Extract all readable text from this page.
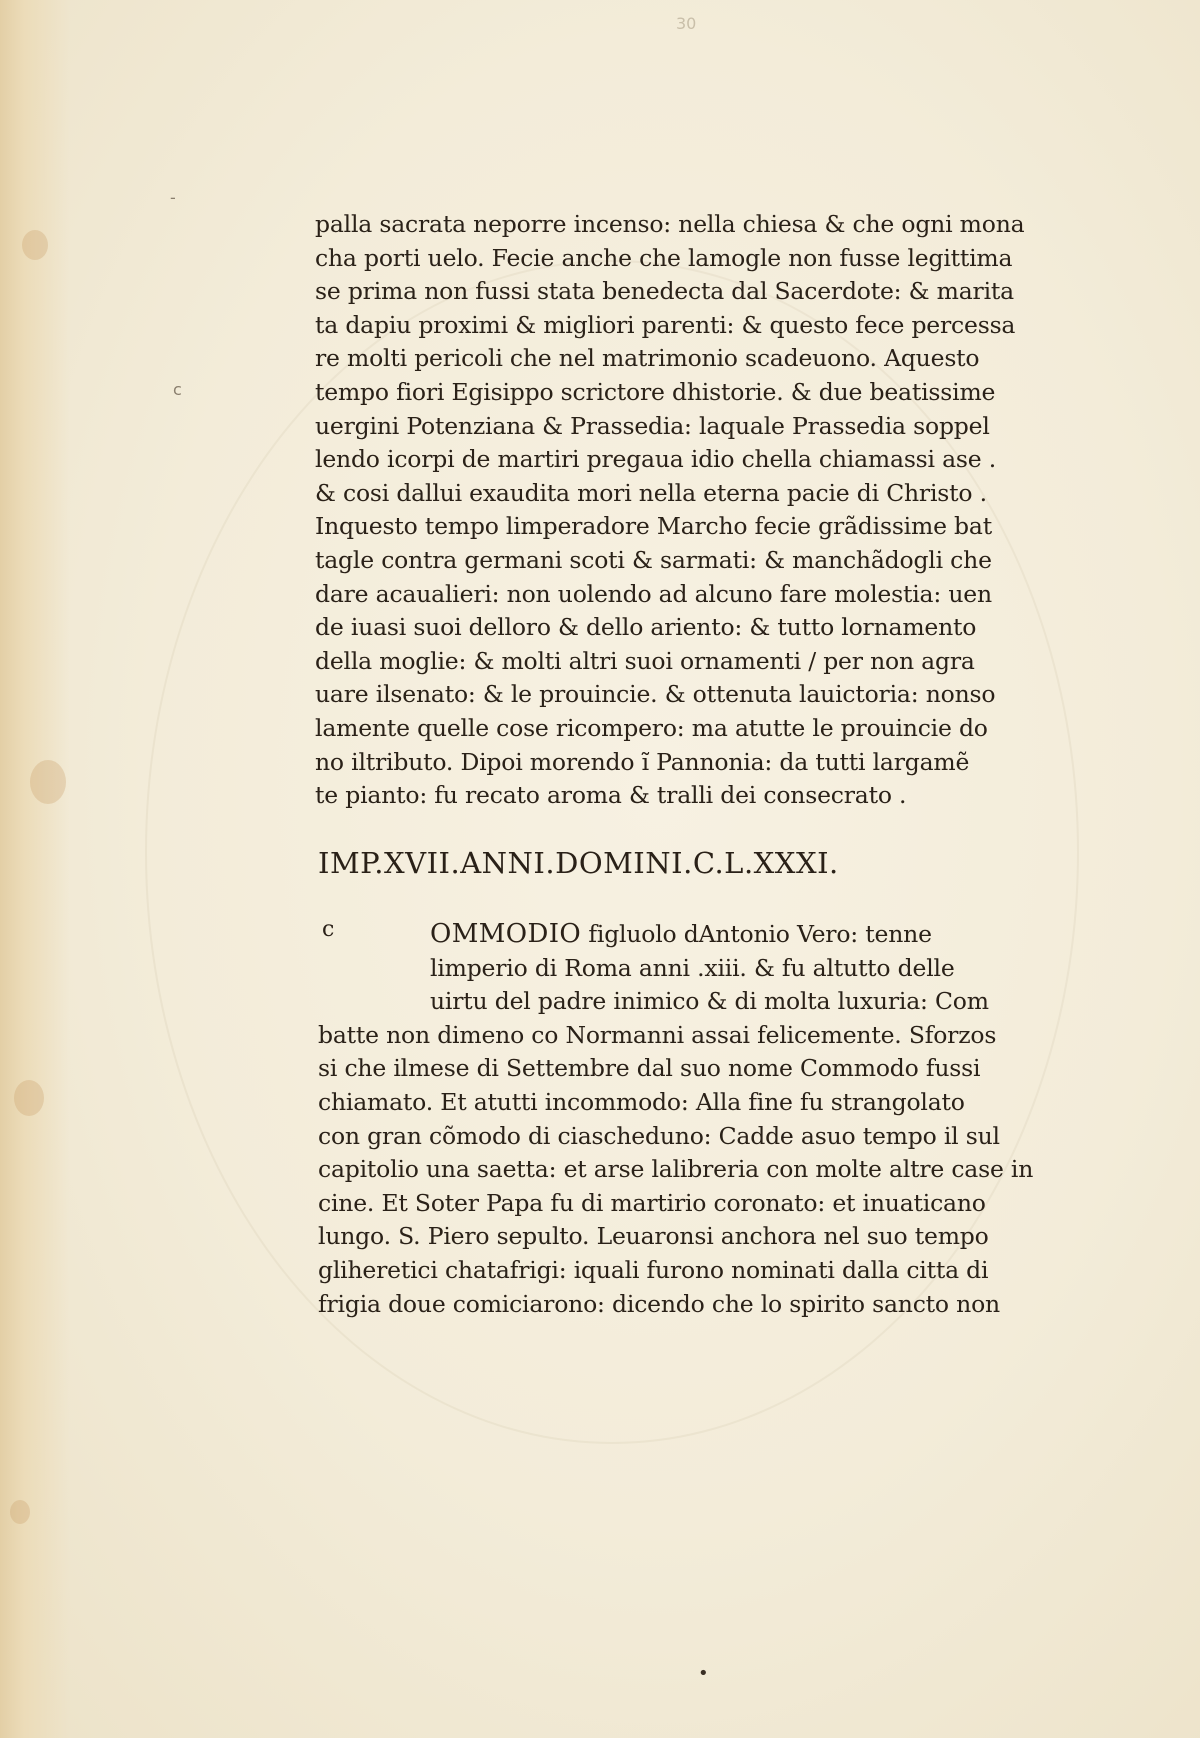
30
c
-
palla sacrata neporre incenso: nella chiesa & che ogni mona
cha porti uelo. Fecie anche che lamogle non fusse legittima
se prima non fussi stata benedecta dal Sacerdote: & marita
ta dapiu proximi & migliori parenti: & questo fece percessa
re molti pericoli che nel matrimonio scadeuono. Aquesto
tempo fiori Egisippo scrictore dhistorie. & due beatissime
uergini Potenziana & Prassedia: laquale Prassedia soppel
lendo icorpi de martiri pregaua idio chella chiamassi ase .
& cosi dallui exaudita mori nella eterna pacie di Christo .
Inquesto tempo limperadore Marcho fecie grãdissime bat
tagle contra germani scoti & sarmati: & manchãdogli che
dare acaualieri: non uolendo ad alcuno fare molestia: uen
de iuasi suoi delloro & dello ariento: & tutto lornamento
della moglie: & molti altri suoi ornamenti / per non agra
uare ilsenato: & le prouincie. & ottenuta lauictoria: nonso
lamente quelle cose ricompero: ma atutte le prouincie do
no iltributo. Dipoi morendo ĩ Pannonia: da tutti largamẽ
te pianto: fu recato aroma & tralli dei consecrato .
IMP.XVII.ANNI.DOMINI.C.L.XXXI.
c	OMMODIO figluolo dAntonio Vero: tenne
limperio di Roma anni .xiii. & fu altutto delle
uirtu del padre inimico & di molta luxuria: Com
batte non dimeno co Normanni assai felicemente. Sforzos
si che ilmese di Settembre dal suo nome Commodo fussi
chiamato. Et atutti incommodo: Alla fine fu strangolato
con gran cõmodo di ciascheduno: Cadde asuo tempo il sul
capitolio una saetta: et arse lalibreria con molte altre case in
cine. Et Soter Papa fu di martirio coronato: et inuaticano
lungo. S. Piero sepulto. Leuaronsi anchora nel suo tempo
gliheretici chatafrigi: iquali furono nominati dalla citta di
frigia doue comiciarono: dicendo che lo spirito sancto non
•
